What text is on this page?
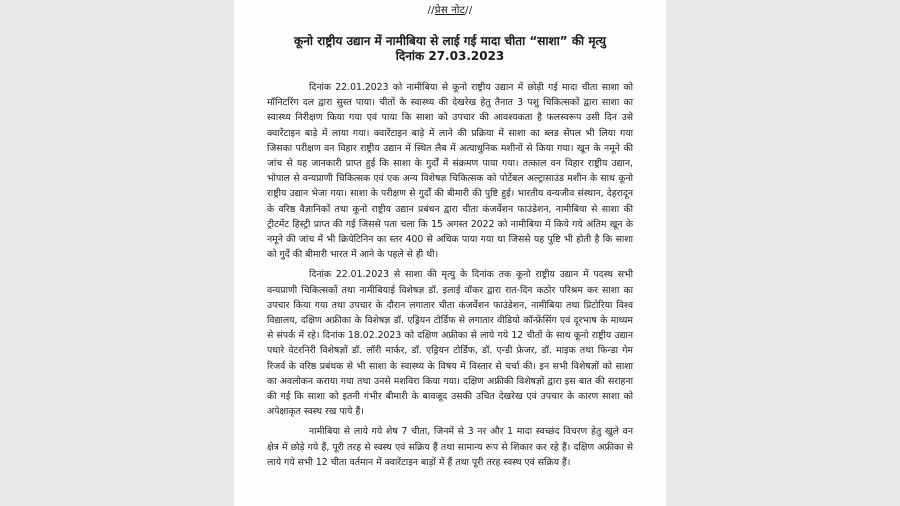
//प्रेस नोट//
कूनो राष्ट्रीय उद्यान में नामीबिया से लाई गई मादा चीता “साशा” की मृत्यु
दिनांक 27.03.2023

दिनांक 22.01.2023 को नामीबिया से कूनो राष्ट्रीय उद्यान में छोड़ी गई मादा चीता साशा को मॉनिटरिंग दल द्वारा सुस्त पाया। चीतों के स्वास्थ्य की देखरेख हेतु तैनात 3 पशु चिकित्सकों द्वारा साशा का स्वास्थ्य निरीक्षण किया गया एवं पाया कि साशा को उपचार की आवश्यकता है फलस्वरूप उसी दिन उसे क्वारेंटाइन बाड़े में लाया गया। क्वारेंटाइन बाड़े में लाने की प्रक्रिया में साशा का ब्लड सेंपल भी लिया गया जिसका परीक्षण वन विहार राष्ट्रीय उद्यान में स्थित लैब में अत्याधुनिक मशीनों से किया गया। खून के नमूने की जांच से यह जानकारी प्राप्त हुई कि साशा के गुर्दों में संक्रमण पाया गया। तत्काल वन विहार राष्ट्रीय उद्यान, भोपाल से वन्यप्राणी चिकित्सक एवं एक अन्य विशेषज्ञ चिकित्सक को पोर्टेबल अल्ट्रासाउंड मशीन के साथ कूनो राष्ट्रीय उद्यान भेजा गया। साशा के परीक्षण से गुर्दों की बीमारी की पुष्टि हुई। भारतीय वन्यजीव संस्थान, देहरादून के वरिष्ठ वैज्ञानिकों तथा कूनो राष्ट्रीय उद्यान प्रबंधन द्वारा चीता कंजर्वेशन फाउंडेशन, नामीबिया से साशा की ट्रीटमेंट हिस्ट्री प्राप्त की गई जिससे पता चला कि 15 अगस्त 2022 को नामीबिया में किये गये अंतिम खून के नमूने की जांच में भी क्रियेटिनिन का स्तर 400 से अधिक पाया गया था जिससे यह पुष्टि भी होती है कि साशा को गुर्दे की बीमारी भारत में आने के पहले से ही थी।

दिनांक 22.01.2023 से साशा की मृत्यु के दिनांक तक कूनो राष्ट्रीय उद्यान में पदस्थ सभी वन्यप्राणी चिकित्सकों तथा नामीबियाई विशेषज्ञ डॉ. इलाई वॉकर द्वारा रात-दिन कठोर परिश्रम कर साशा का उपचार किया गया तथा उपचार के दौरान लगातार चीता कंजर्वेशन फाउंडेशन, नामीबिया तथा प्रिटोरिया विश्व विद्यालय, दक्षिण अफ्रीका के विशेषज्ञ डॉ. एड्रियन टोर्डिफ से लगातार वीडियो कॉन्फ्रेंसिंग एवं दूरभाष के माध्यम से संपर्क में रहे। दिनांक 18.02.2023 को दक्षिण अफ्रीका से लाये गये 12 चीतों के साथ कूनो राष्ट्रीय उद्यान पधारे वेटरनिरी विशेषज्ञों डॉ. लॉरी मार्कर, डॉ. एड्रियन टोर्डिफ, डॉ. एन्डी फ्रेजर, डॉ. माइक तथा फिन्डा गेम रिजर्व के वरिष्ठ प्रबंधक से भी साशा के स्वास्थ्य के विषय में विस्तार से चर्चा की। इन सभी विशेषज्ञों को साशा का अवलोकन कराया गया तथा उनसे मशविरा किया गया। दक्षिण अफ्रीकी विशेषज्ञों द्वारा इस बात की सराहना की गई कि साशा को इतनी गंभीर बीमारी के बावजूद उसकी उचित देखरेख एवं उपचार के कारण साशा को अपेक्षाकृत स्वस्थ रख पाये हैं।

नामीबिया से लाये गये शेष 7 चीता, जिनमें से 3 नर और 1 मादा स्वच्छंद विचरण हेतु खुले वन क्षेत्र में छोड़े गये हैं, पूरी तरह से स्वस्थ एवं सक्रिय हैं तथा सामान्य रूप से शिकार कर रहे हैं। दक्षिण अफ्रीका से लाये गये सभी 12 चीता वर्तमान में क्वारेंटाइन बाड़ों में हैं तथा पूरी तरह स्वस्थ एवं सक्रिय हैं।
